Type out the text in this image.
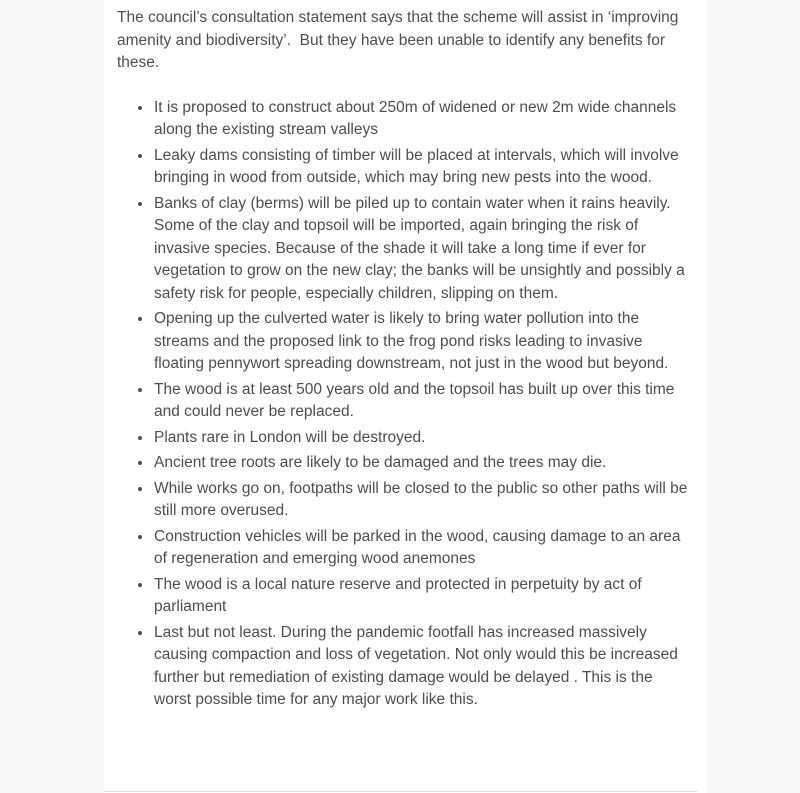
The council’s consultation statement says that the scheme will assist in ‘improving amenity and biodiversity’.  But they have been unable to identify any benefits for these.

• It is proposed to construct about 250m of widened or new 2m wide channels along the existing stream valleys
• Leaky dams consisting of timber will be placed at intervals, which will involve bringing in wood from outside, which may bring new pests into the wood.
• Banks of clay (berms) will be piled up to contain water when it rains heavily. Some of the clay and topsoil will be imported, again bringing the risk of invasive species. Because of the shade it will take a long time if ever for vegetation to grow on the new clay; the banks will be unsightly and possibly a safety risk for people, especially children, slipping on them.
• Opening up the culverted water is likely to bring water pollution into the streams and the proposed link to the frog pond risks leading to invasive floating pennywort spreading downstream, not just in the wood but beyond.
• The wood is at least 500 years old and the topsoil has built up over this time and could never be replaced.
• Plants rare in London will be destroyed.
• Ancient tree roots are likely to be damaged and the trees may die.
• While works go on, footpaths will be closed to the public so other paths will be still more overused.
• Construction vehicles will be parked in the wood, causing damage to an area of regeneration and emerging wood anemones
• The wood is a local nature reserve and protected in perpetuity by act of parliament
• Last but not least. During the pandemic footfall has increased massively causing compaction and loss of vegetation. Not only would this be increased further but remediation of existing damage would be delayed . This is the worst possible time for any major work like this.
